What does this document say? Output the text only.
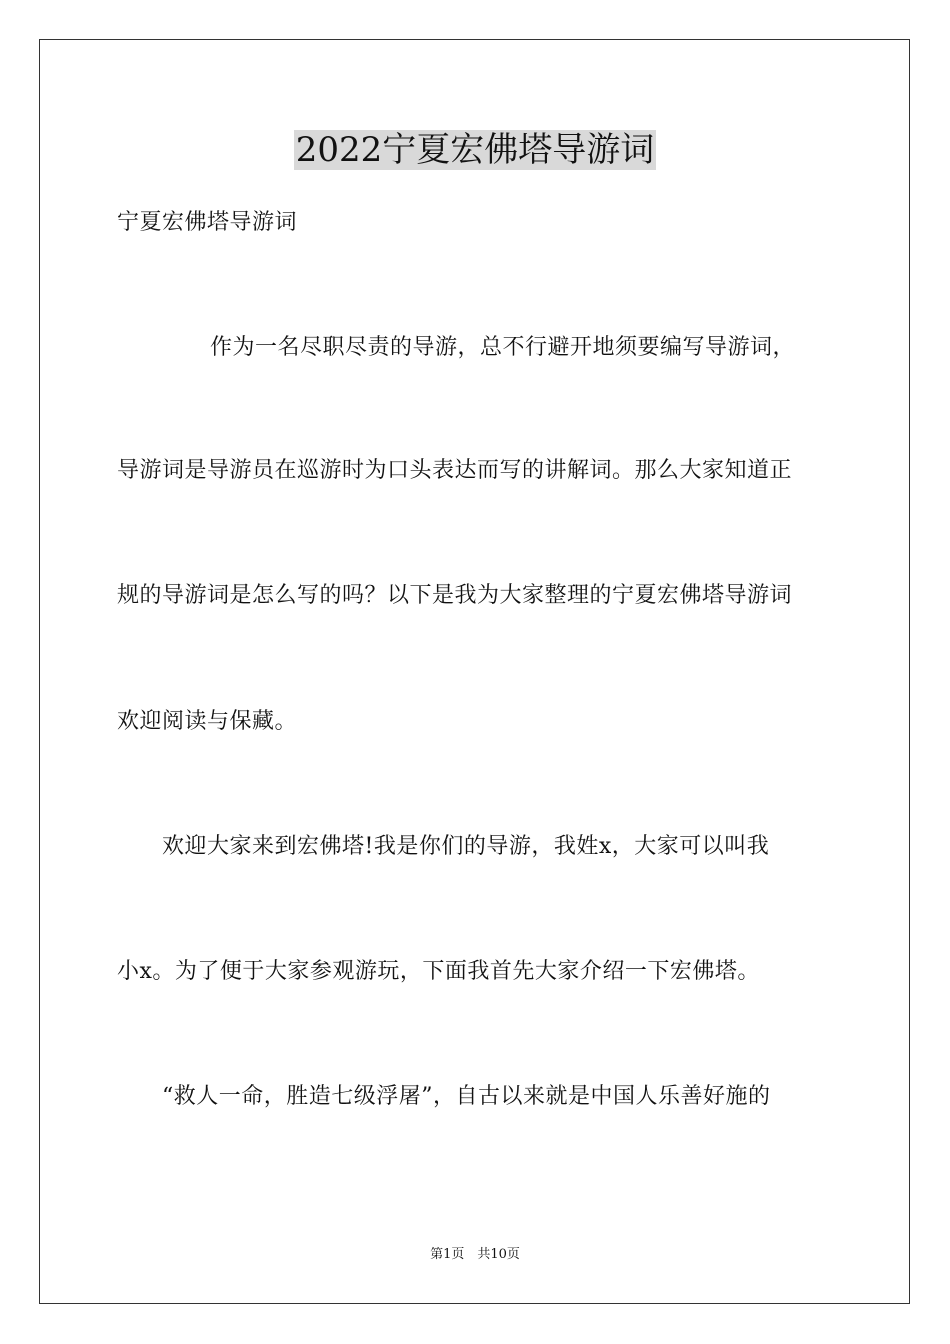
2022宁夏宏佛塔导游词
宁夏宏佛塔导游词
　　作为一名尽职尽责的导游，总不行避开地须要编写导游词，
导游词是导游员在巡游时为口头表达而写的讲解词。那么大家知道正
规的导游词是怎么写的吗？以下是我为大家整理的宁夏宏佛塔导游词
欢迎阅读与保藏。
　　欢迎大家来到宏佛塔!我是你们的导游，我姓x，大家可以叫我
小x。为了便于大家参观游玩，下面我首先大家介绍一下宏佛塔。
　　“救人一命，胜造七级浮屠”，自古以来就是中国人乐善好施的
第1页　共10页
